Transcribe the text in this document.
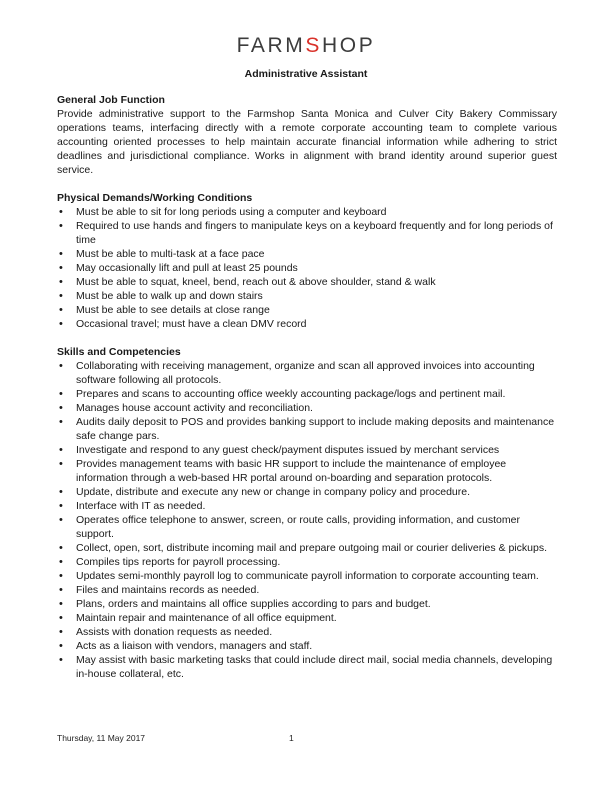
FARMSHOP
Administrative Assistant
General Job Function

Provide administrative support to the Farmshop Santa Monica and Culver City Bakery Commissary operations teams, interfacing directly with a remote corporate accounting team to complete various accounting oriented processes to help maintain accurate financial information while adhering to strict deadlines and jurisdictional compliance. Works in alignment with brand identity around superior guest service.

Physical Demands/Working Conditions
• Must be able to sit for long periods using a computer and keyboard
• Required to use hands and fingers to manipulate keys on a keyboard frequently and for long periods of time
• Must be able to multi-task at a face pace
• May occasionally lift and pull at least 25 pounds
• Must be able to squat, kneel, bend, reach out & above shoulder, stand & walk
• Must be able to walk up and down stairs
• Must be able to see details at close range
• Occasional travel; must have a clean DMV record
Skills and Competencies
• Collaborating with receiving management, organize and scan all approved invoices into accounting software following all protocols.
• Prepares and scans to accounting office weekly accounting package/logs and pertinent mail.
• Manages house account activity and reconciliation.
• Audits daily deposit to POS and provides banking support to include making deposits and maintenance safe change pars.
• Investigate and respond to any guest check/payment disputes issued by merchant services
• Provides management teams with basic HR support to include the maintenance of employee information through a web-based HR portal around on-boarding and separation protocols.
• Update, distribute and execute any new or change in company policy and procedure.
• Interface with IT as needed.
• Operates office telephone to answer, screen, or route calls, providing information, and customer support.
• Collect, open, sort, distribute incoming mail and prepare outgoing mail or courier deliveries & pickups.
• Compiles tips reports for payroll processing.
• Updates semi-monthly payroll log to communicate payroll information to corporate accounting team.
• Files and maintains records as needed.
• Plans, orders and maintains all office supplies according to pars and budget.
• Maintain repair and maintenance of all office equipment.
• Assists with donation requests as needed.
• Acts as a liaison with vendors, managers and staff.
• May assist with basic marketing tasks that could include direct mail, social media channels, developing in-house collateral, etc.
Thursday, 11 May 2017	1
